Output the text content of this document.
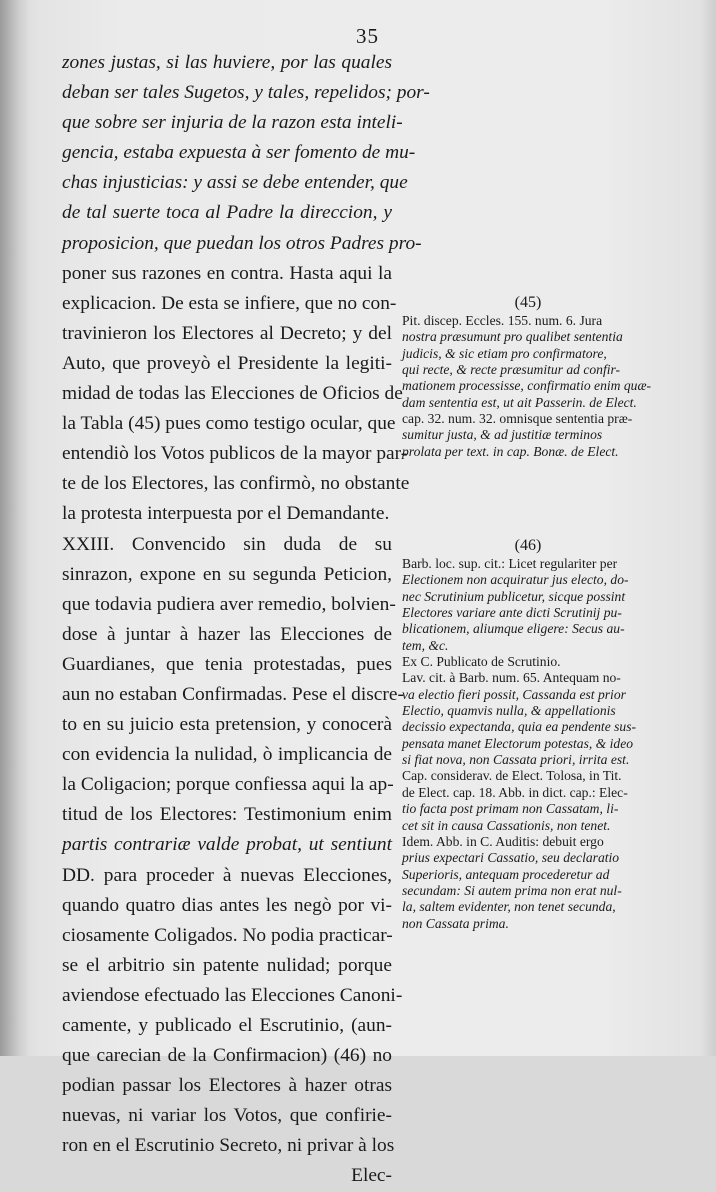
35
zones justas, si las huviere, por las quales
deban ser tales Sugetos, y tales, repelidos; por-
que sobre ser injuria de la razon esta inteli-
gencia, estaba expuesta à ser fomento de mu-
chas injusticias: y assi se debe entender, que
de tal suerte toca al Padre la direccion, y
proposicion, que puedan los otros Padres pro-
poner sus razones en contra. Hasta aqui la
explicacion. De esta se infiere, que no con-
travinieron los Electores al Decreto; y del
Auto, que proveyò el Presidente la legiti-
midad de todas las Elecciones de Oficios de
la Tabla (45) pues como testigo ocular, que
entendiò los Votos publicos de la mayor par-
te de los Electores, las confirmò, no obstante
la protesta interpuesta por el Demandante.
XXIII. Convencido sin duda de su
sinrazon, expone en su segunda Peticion,
que todavia pudiera aver remedio, bolvien-
dose à juntar à hazer las Elecciones de
Guardianes, que tenia protestadas, pues
aun no estaban Confirmadas. Pese el discre-
to en su juicio esta pretension, y conocerà
con evidencia la nulidad, ò implicancia de
la Coligacion; porque confiessa aqui la ap-
titud de los Electores: Testimonium enim
partis contrariæ valde probat, ut sentiunt
DD. para proceder à nuevas Elecciones,
quando quatro dias antes les negò por vi-
ciosamente Coligados. No podia practicar-
se el arbitrio sin patente nulidad; porque
aviendose efectuado las Elecciones Canoni-
camente, y publicado el Escrutinio, (aun-
que carecian de la Confirmacion) (46) no
podian passar los Electores à hazer otras
nuevas, ni variar los Votos, que confirie-
ron en el Escrutinio Secreto, ni privar à los
Elec-
(45)
Pit. discep. Eccles. 155. num. 6. Jura
nostra præsumunt pro qualibet sententia
judicis, & sic etiam pro confirmatore,
qui recte, & recte præsumitur ad confir-
mationem processisse, confirmatio enim quæ-
dam sententia est, ut ait Passerin. de Elect.
cap. 32. num. 32. omnisque sententia præ-
sumitur justa, & ad justitiæ terminos
prolata per text. in cap. Bonæ. de Elect.
(46)
Barb. loc. sup. cit.: Licet regulariter per
Electionem non acquiratur jus electo, do-
nec Scrutinium publicetur, sicque possint
Electores variare ante dicti Scrutinij pu-
blicationem, aliumque eligere: Secus au-
tem, &c.
Ex C. Publicato de Scrutinio.
Lav. cit. à Barb. num. 65. Antequam no-
va electio fieri possit, Cassanda est prior
Electio, quamvis nulla, & appellationis
decissio expectanda, quia ea pendente sus-
pensata manet Electorum potestas, & ideo
si fiat nova, non Cassata priori, irrita est.
Cap. considerav. de Elect. Tolosa, in Tit.
de Elect. cap. 18. Abb. in dict. cap.: Elec-
tio facta post primam non Cassatam, li-
cet sit in causa Cassationis, non tenet.
Idem. Abb. in C. Auditis: debuit ergo
prius expectari Cassatio, seu declaratio
Superioris, antequam procederetur ad
secundam: Si autem prima non erat nul-
la, saltem evidenter, non tenet secunda,
non Cassata prima.
